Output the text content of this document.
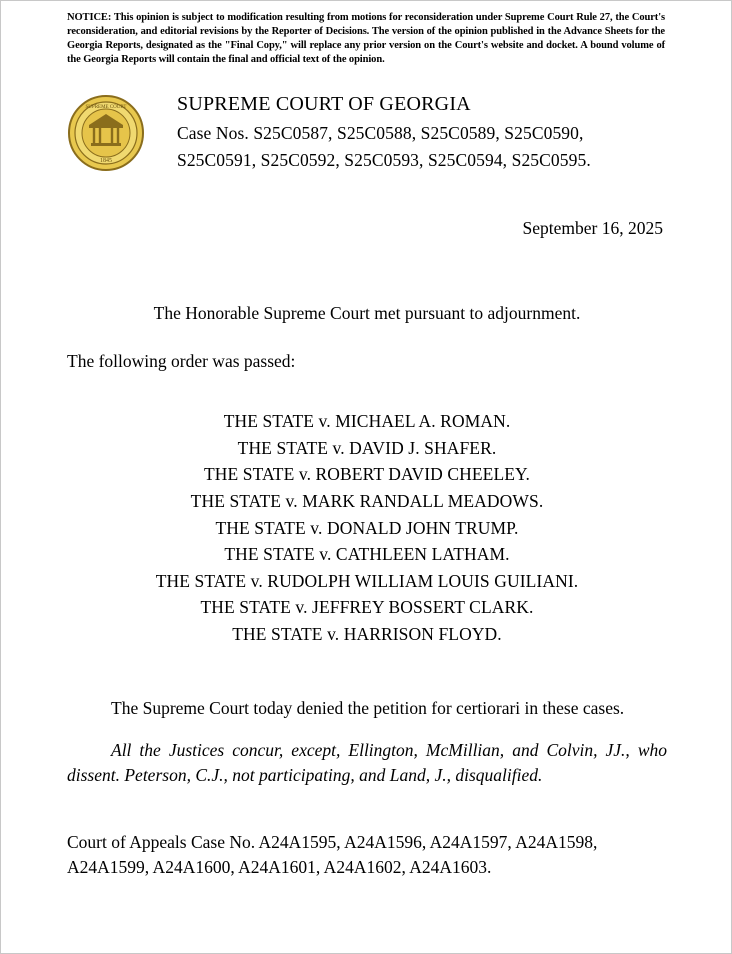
NOTICE: This opinion is subject to modification resulting from motions for reconsideration under Supreme Court Rule 27, the Court's reconsideration, and editorial revisions by the Reporter of Decisions. The version of the opinion published in the Advance Sheets for the Georgia Reports, designated as the "Final Copy," will replace any prior version on the Court's website and docket. A bound volume of the Georgia Reports will contain the final and official text of the opinion.

SUPREME COURT
1845
SUPREME COURT OF GEORGIA
Case Nos. S25C0587, S25C0588, S25C0589, S25C0590,
S25C0591, S25C0592, S25C0593, S25C0594, S25C0595.
September 16, 2025

The Honorable Supreme Court met pursuant to adjournment.

The following order was passed:

THE STATE v. MICHAEL A. ROMAN.
THE STATE v. DAVID J. SHAFER.
THE STATE v. ROBERT DAVID CHEELEY.
THE STATE v. MARK RANDALL MEADOWS.
THE STATE v. DONALD JOHN TRUMP.
THE STATE v. CATHLEEN LATHAM.
THE STATE v. RUDOLPH WILLIAM LOUIS GUILIANI.
THE STATE v. JEFFREY BOSSERT CLARK.
THE STATE v. HARRISON FLOYD.

The Supreme Court today denied the petition for certiorari in these cases.

All the Justices concur, except, Ellington, McMillian, and Colvin, JJ., who dissent. Peterson, C.J., not participating, and Land, J., disqualified.

Court of Appeals Case No. A24A1595, A24A1596, A24A1597, A24A1598,
A24A1599, A24A1600, A24A1601, A24A1602, A24A1603.
